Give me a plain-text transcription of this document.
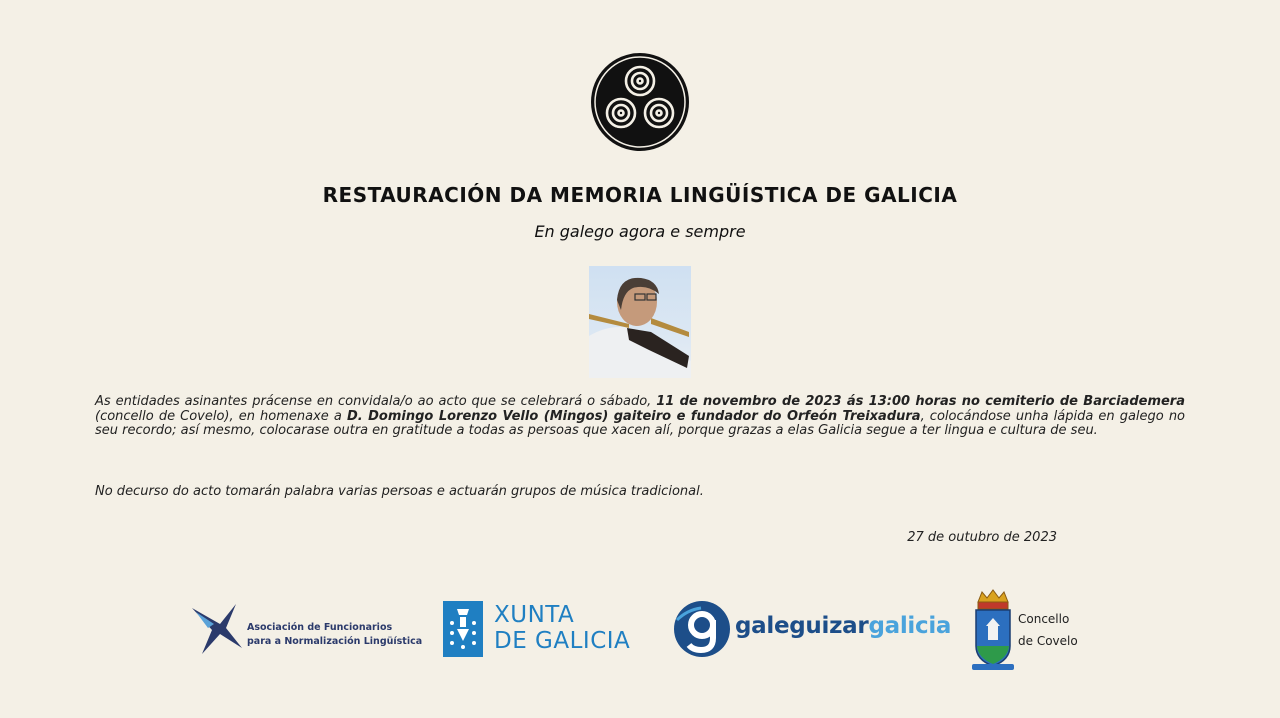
RESTAURACIÓN DA MEMORIA LINGÜÍSTICA DE GALICIA
En galego agora e sempre
As entidades asinantes prácense en convidala/o ao acto que se celebrará o sábado, 11 de novembro de 2023 ás 13:00 horas no cemiterio de Barciademera (concello de Covelo), en homenaxe a D. Domingo Lorenzo Vello (Mingos) gaiteiro e fundador do Orfeón Treixadura, colocándose unha lápida en galego no seu recordo; así mesmo, colocarase outra en gratitude a todas as persoas que xacen alí, porque grazas a elas Galicia segue a ter lingua e cultura de seu.
No decurso do acto tomarán palabra varias persoas e actuarán grupos de música tradicional.
27 de outubro de 2023
Asociación de Funcionarios
para a Normalización Lingüística
XUNTA
DE GALICIA
galeguizargalicia	Concello
de Covelo
